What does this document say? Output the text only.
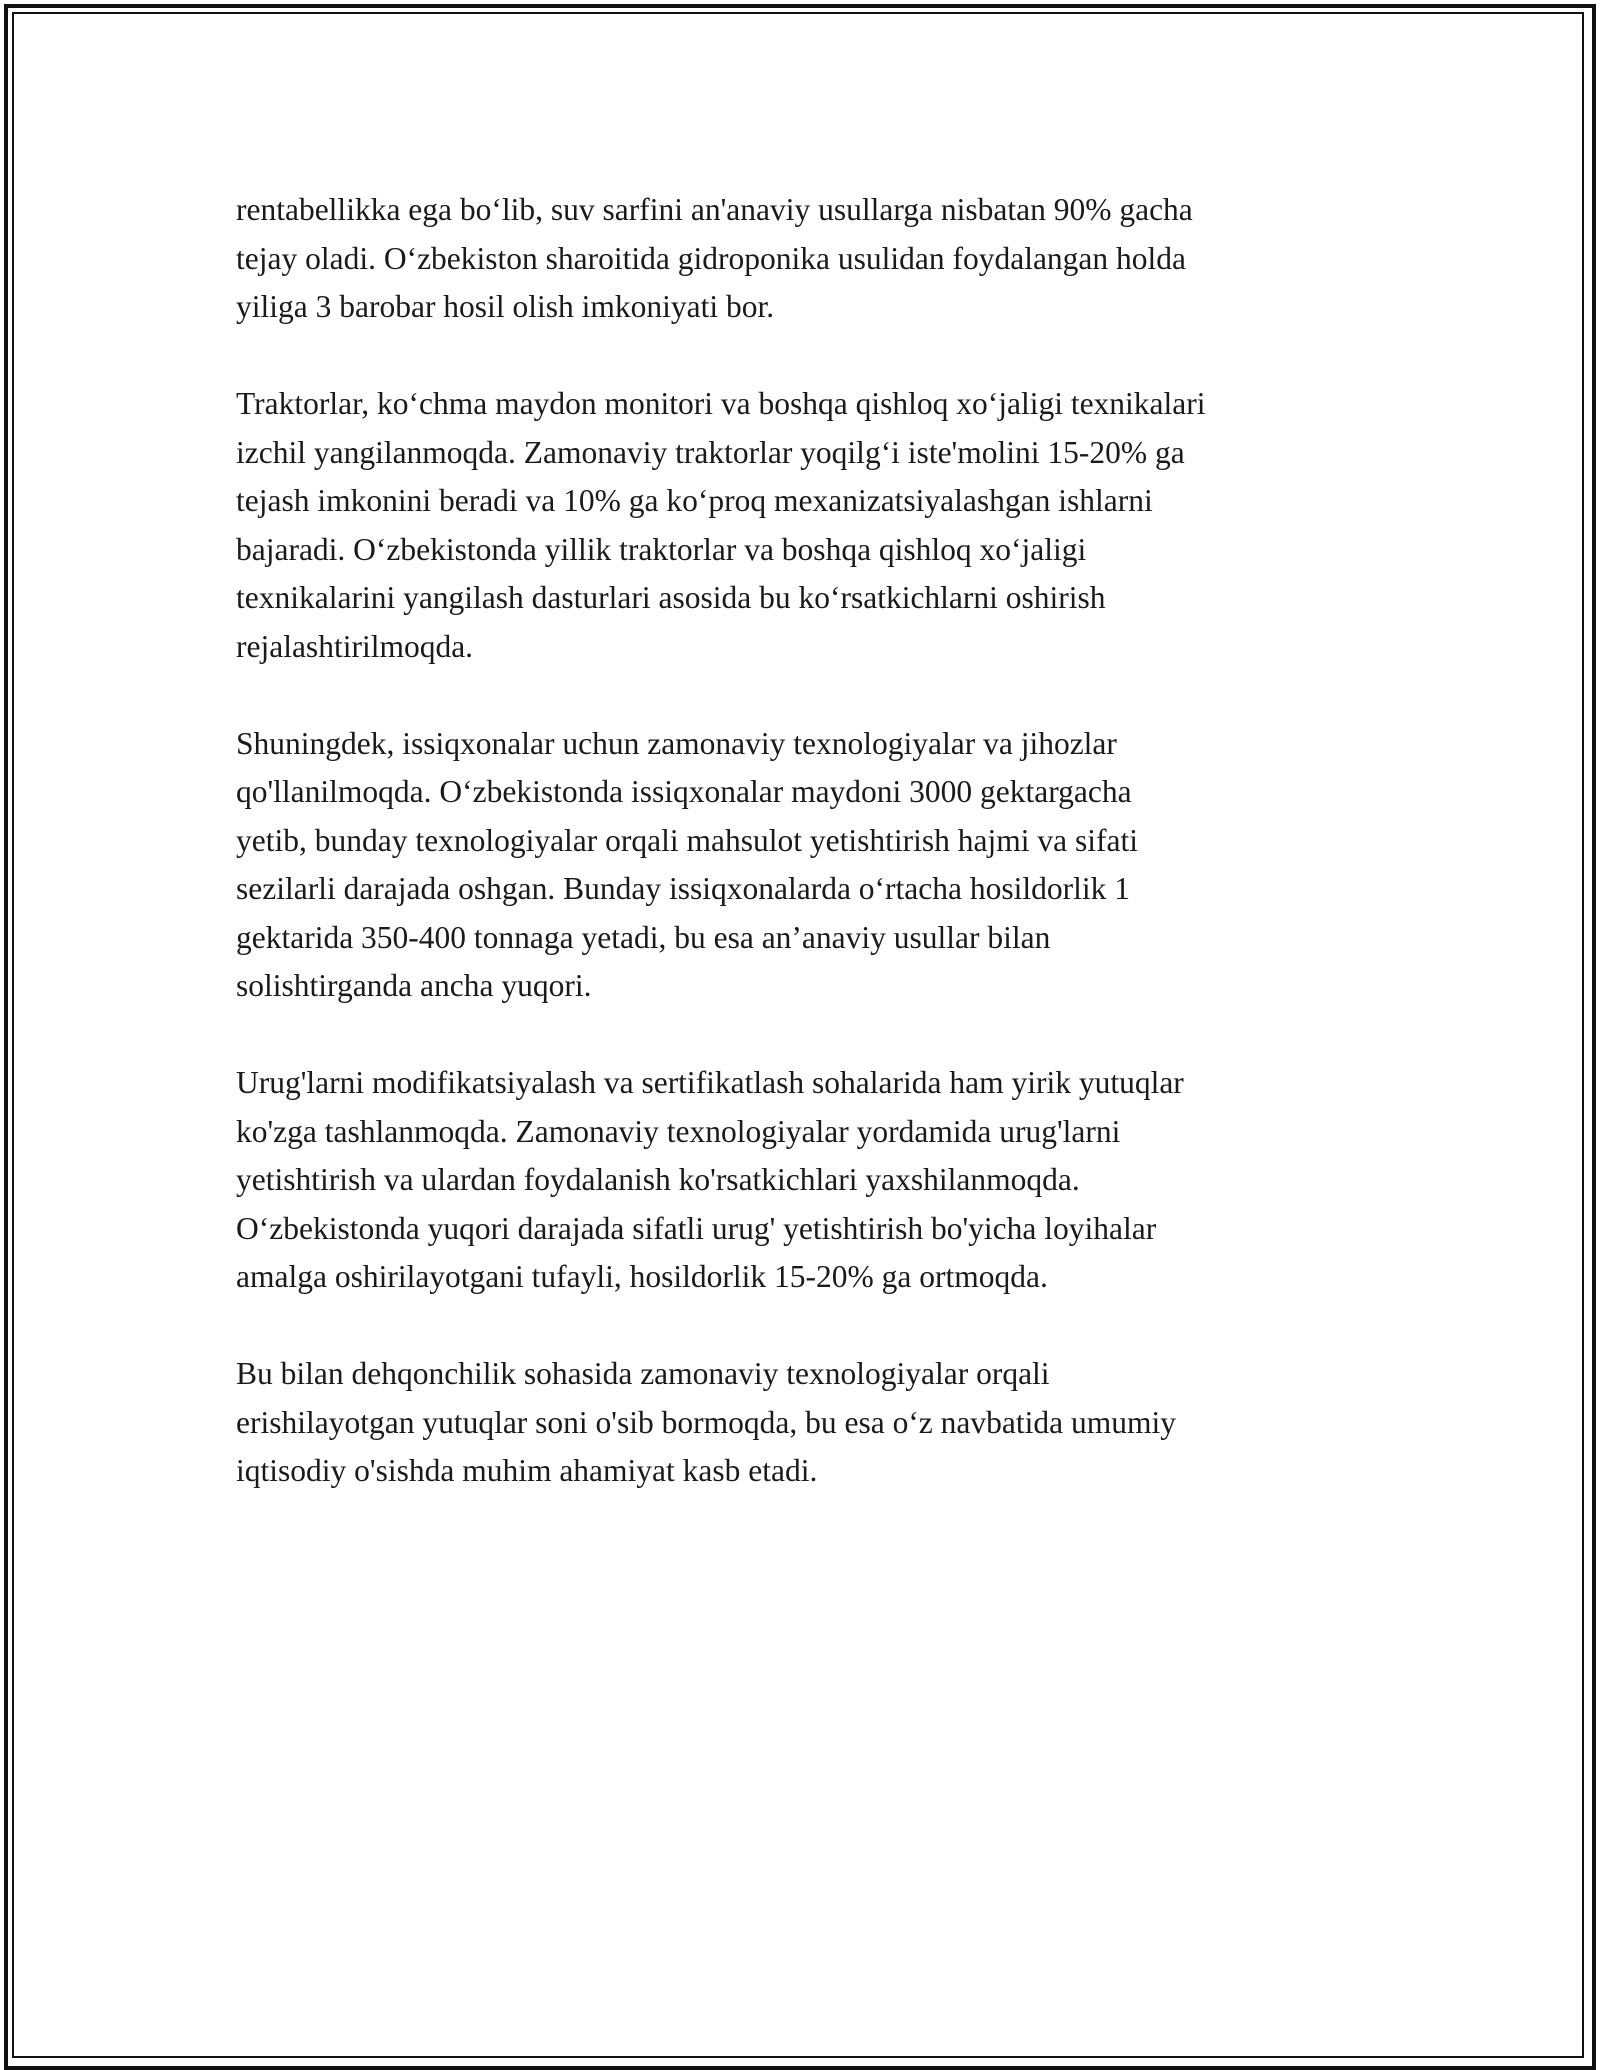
rentabellikka ega bo‘lib, suv sarfini an'anaviy usullarga nisbatan 90% gacha
tejay oladi. O‘zbekiston sharoitida gidroponika usulidan foydalangan holda
yiliga 3 barobar hosil olish imkoniyati bor.

Traktorlar, ko‘chma maydon monitori va boshqa qishloq xo‘jaligi texnikalari
izchil yangilanmoqda. Zamonaviy traktorlar yoqilg‘i iste'molini 15-20% ga
tejash imkonini beradi va 10% ga ko‘proq mexanizatsiyalashgan ishlarni
bajaradi. O‘zbekistonda yillik traktorlar va boshqa qishloq xo‘jaligi
texnikalarini yangilash dasturlari asosida bu ko‘rsatkichlarni oshirish
rejalashtirilmoqda.

Shuningdek, issiqxonalar uchun zamonaviy texnologiyalar va jihozlar
qo'llanilmoqda. O‘zbekistonda issiqxonalar maydoni 3000 gektargacha
yetib, bunday texnologiyalar orqali mahsulot yetishtirish hajmi va sifati
sezilarli darajada oshgan. Bunday issiqxonalarda o‘rtacha hosildorlik 1
gektarida 350-400 tonnaga yetadi, bu esa an’anaviy usullar bilan
solishtirganda ancha yuqori.

Urug'larni modifikatsiyalash va sertifikatlash sohalarida ham yirik yutuqlar
ko'zga tashlanmoqda. Zamonaviy texnologiyalar yordamida urug'larni
yetishtirish va ulardan foydalanish ko'rsatkichlari yaxshilanmoqda.
O‘zbekistonda yuqori darajada sifatli urug' yetishtirish bo'yicha loyihalar
amalga oshirilayotgani tufayli, hosildorlik 15-20% ga ortmoqda.

Bu bilan dehqonchilik sohasida zamonaviy texnologiyalar orqali
erishilayotgan yutuqlar soni o'sib bormoqda, bu esa o‘z navbatida umumiy
iqtisodiy o'sishda muhim ahamiyat kasb etadi.
